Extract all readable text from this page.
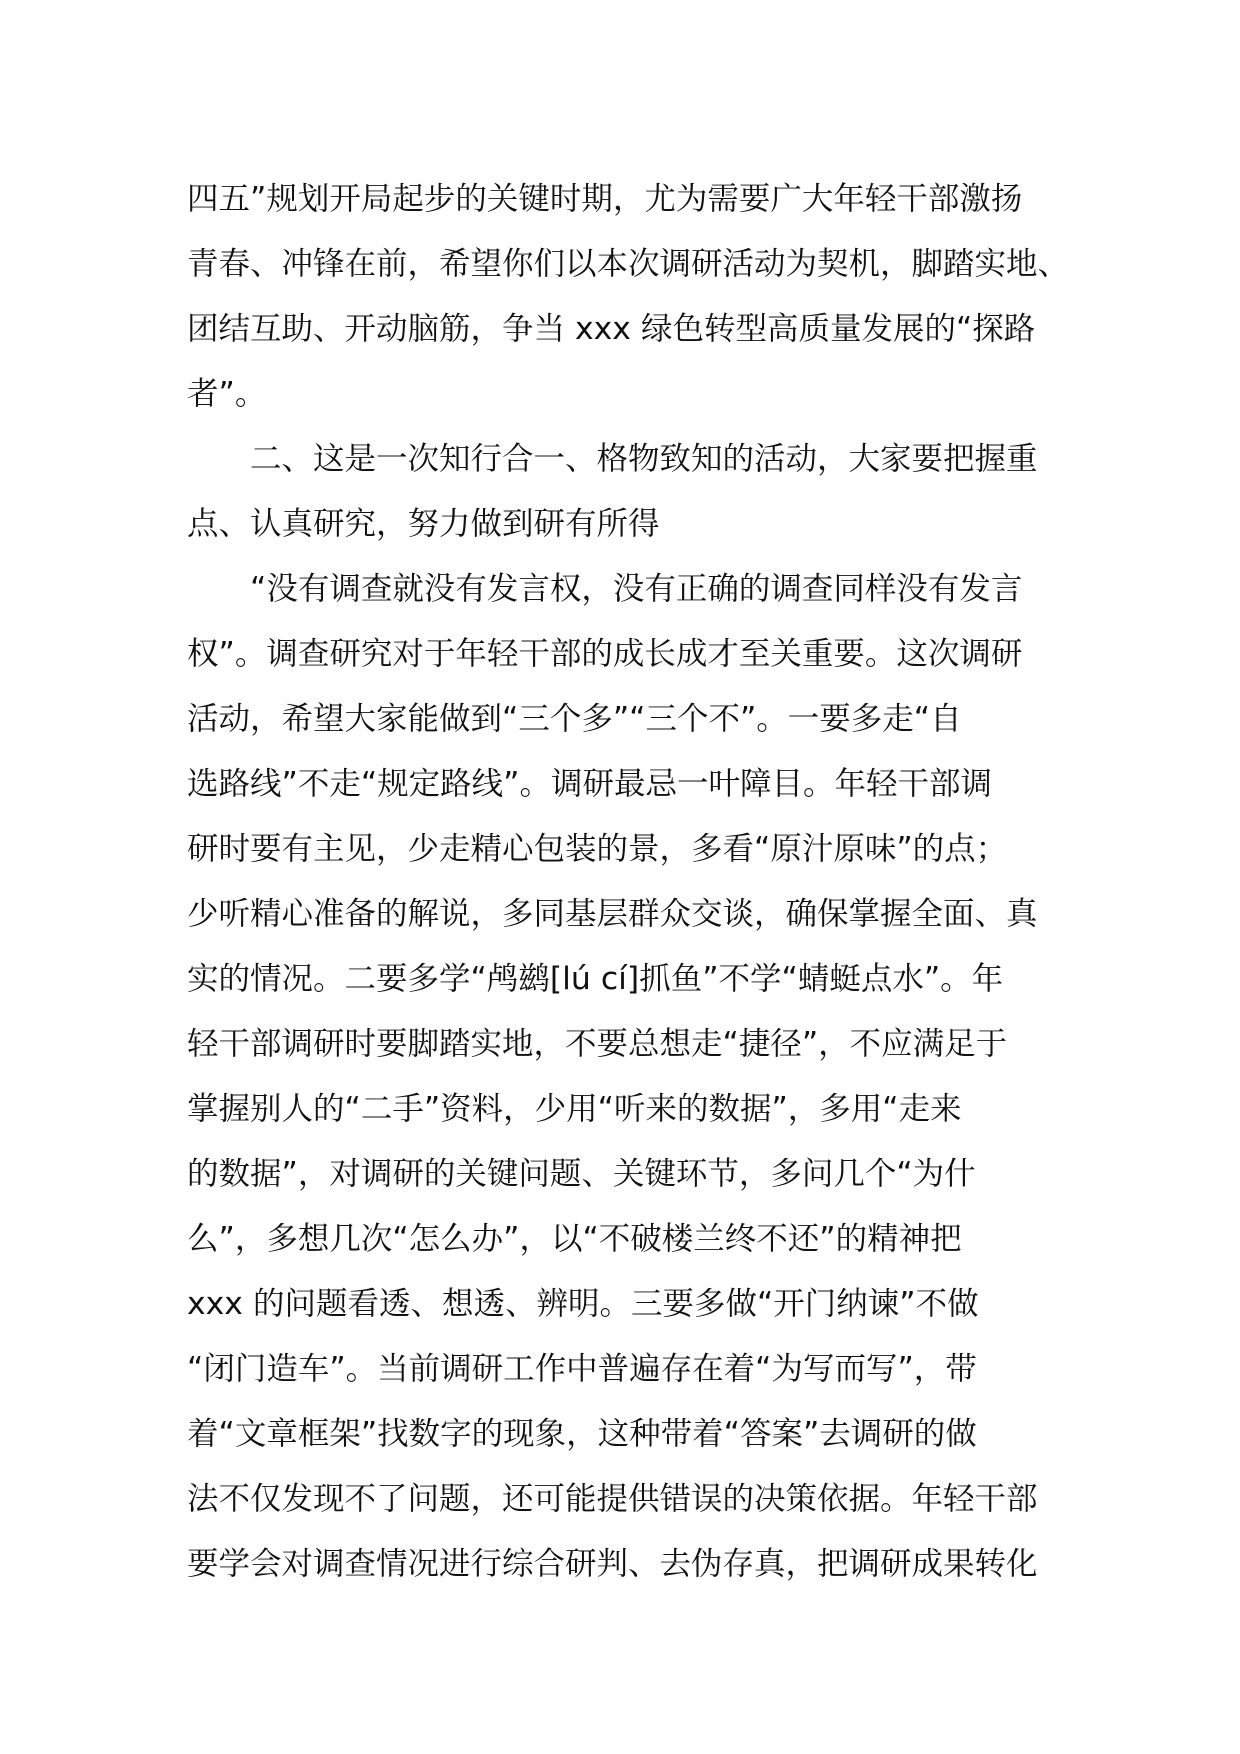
四五”规划开局起步的关键时期，尤为需要广大年轻干部激扬
青春、冲锋在前，希望你们以本次调研活动为契机，脚踏实地、
团结互助、开动脑筋，争当 xxx 绿色转型高质量发展的“探路
者”。
　　二、这是一次知行合一、格物致知的活动，大家要把握重
点、认真研究，努力做到研有所得
　　“没有调查就没有发言权，没有正确的调查同样没有发言
权”。调查研究对于年轻干部的成长成才至关重要。这次调研
活动，希望大家能做到“三个多”“三个不”。一要多走“自
选路线”不走“规定路线”。调研最忌一叶障目。年轻干部调
研时要有主见，少走精心包装的景，多看“原汁原味”的点；
少听精心准备的解说，多同基层群众交谈，确保掌握全面、真
实的情况。二要多学“鸬鹚[lú cí]抓鱼”不学“蜻蜓点水”。年
轻干部调研时要脚踏实地，不要总想走“捷径”，不应满足于
掌握别人的“二手”资料，少用“听来的数据”，多用“走来
的数据”，对调研的关键问题、关键环节，多问几个“为什
么”，多想几次“怎么办”，以“不破楼兰终不还”的精神把
xxx 的问题看透、想透、辨明。三要多做“开门纳谏”不做
“闭门造车”。当前调研工作中普遍存在着“为写而写”，带
着“文章框架”找数字的现象，这种带着“答案”去调研的做
法不仅发现不了问题，还可能提供错误的决策依据。年轻干部
要学会对调查情况进行综合研判、去伪存真，把调研成果转化
